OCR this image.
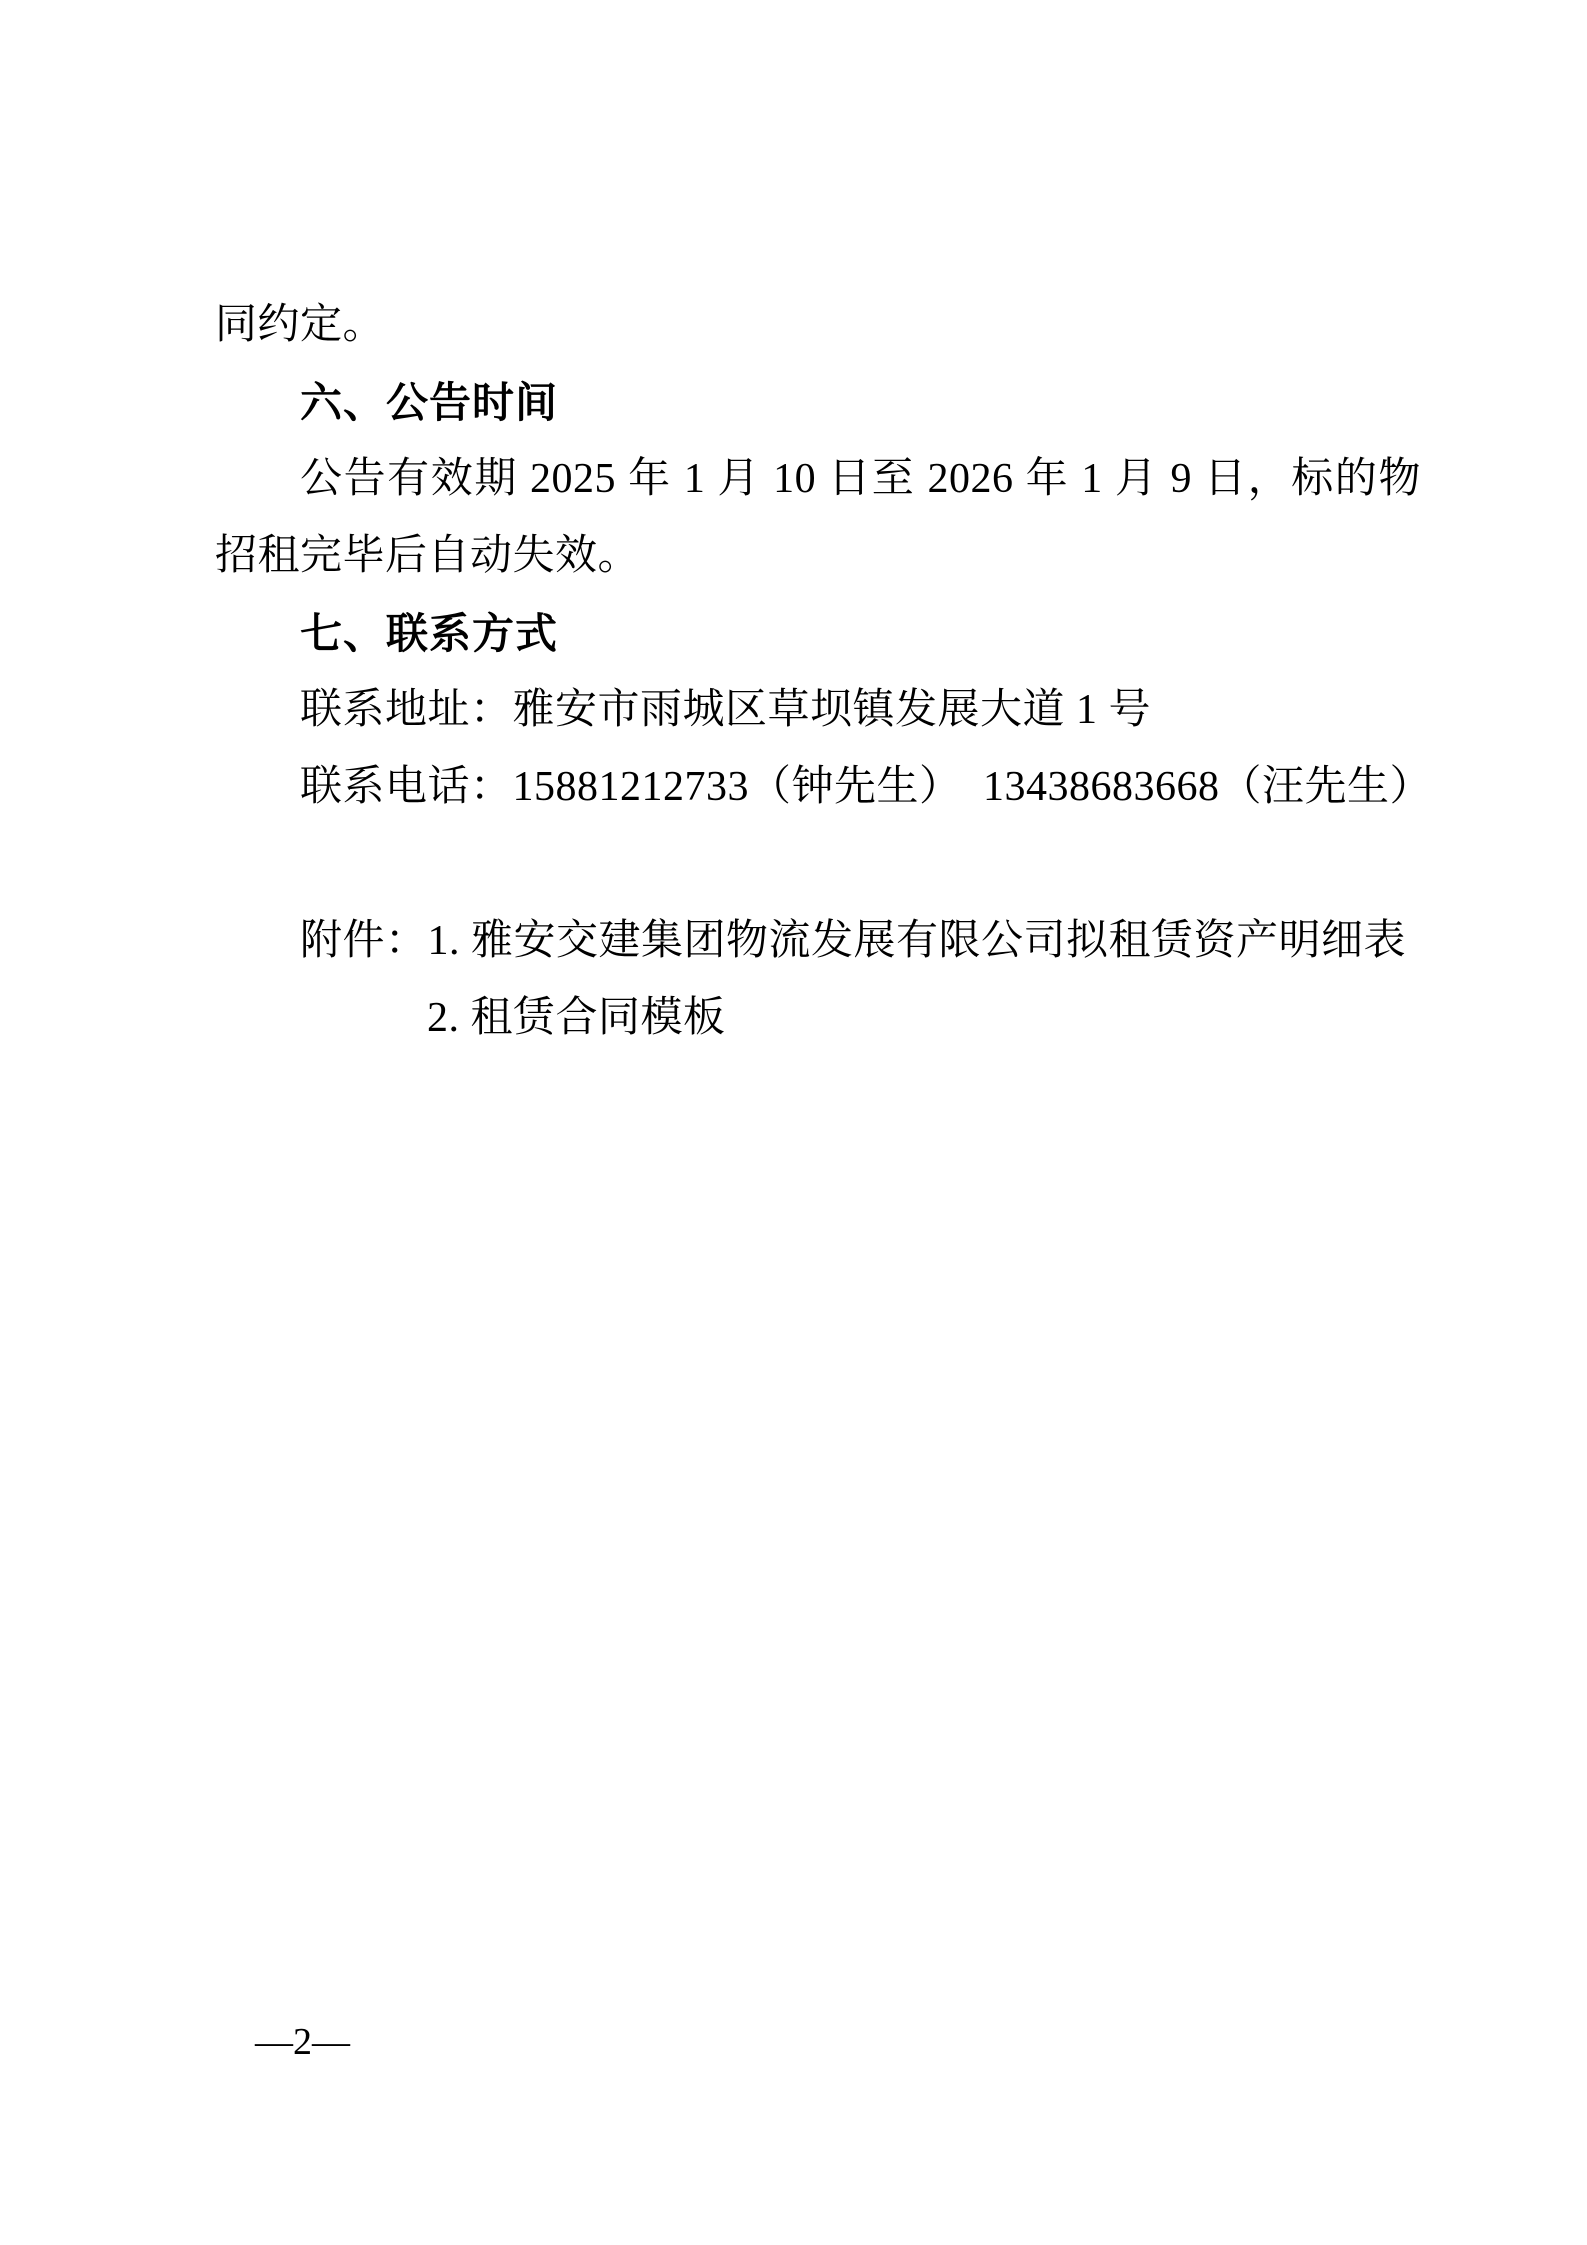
同约定。
六、公告时间
公告有效期 2025 年 1 月 10 日至 2026 年 1 月 9 日，标的物
招租完毕后自动失效。
七、联系方式
联系地址：雅安市雨城区草坝镇发展大道 1 号
联系电话：15881212733（钟先生）　13438683668（汪先生）
附件：1. 雅安交建集团物流发展有限公司拟租赁资产明细表
2. 租赁合同模板
—2—
